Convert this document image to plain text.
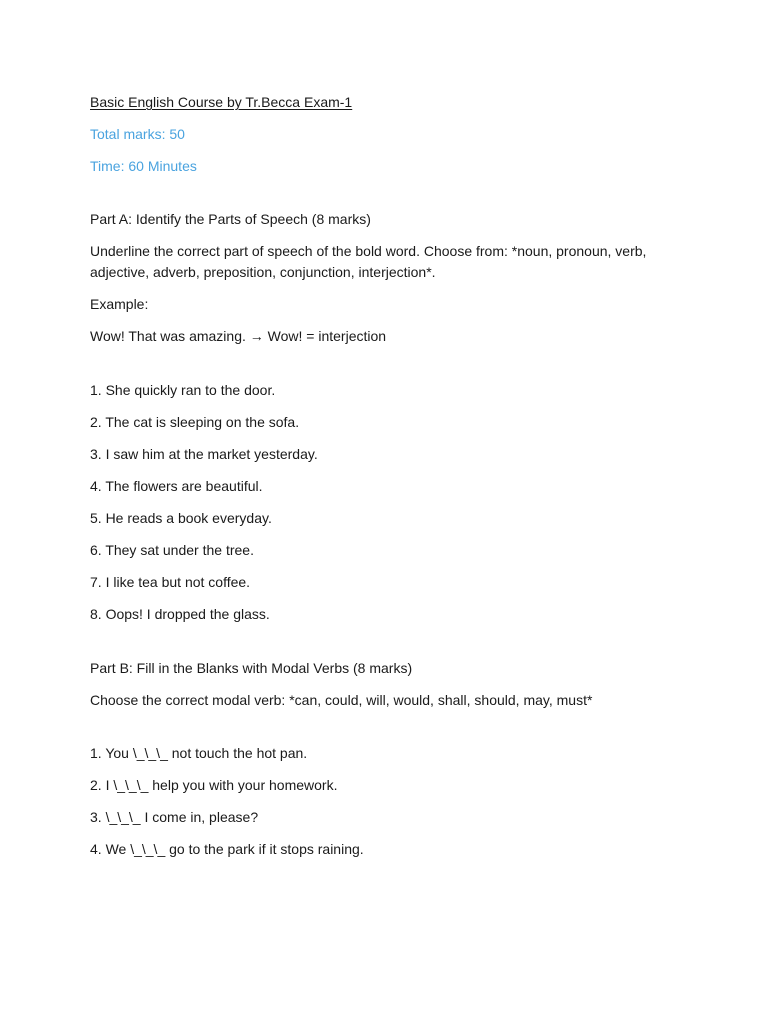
Basic English Course by Tr.Becca Exam-1

Total marks: 50

Time: 60 Minutes

Part A: Identify the Parts of Speech (8 marks)

Underline the correct part of speech of the bold word. Choose from: *noun, pronoun, verb, adjective, adverb, preposition, conjunction, interjection*.

Example:

Wow! That was amazing. → Wow! = interjection

1. She quickly ran to the door.

2. The cat is sleeping on the sofa.

3. I saw him at the market yesterday.

4. The flowers are beautiful.

5. He reads a book everyday.

6. They sat under the tree.

7. I like tea but not coffee.

8. Oops! I dropped the glass.

Part B: Fill in the Blanks with Modal Verbs (8 marks)

Choose the correct modal verb: *can, could, will, would, shall, should, may, must*

1. You \_\_\_ not touch the hot pan.

2. I \_\_\_ help you with your homework.

3. \_\_\_ I come in, please?

4. We \_\_\_ go to the park if it stops raining.
